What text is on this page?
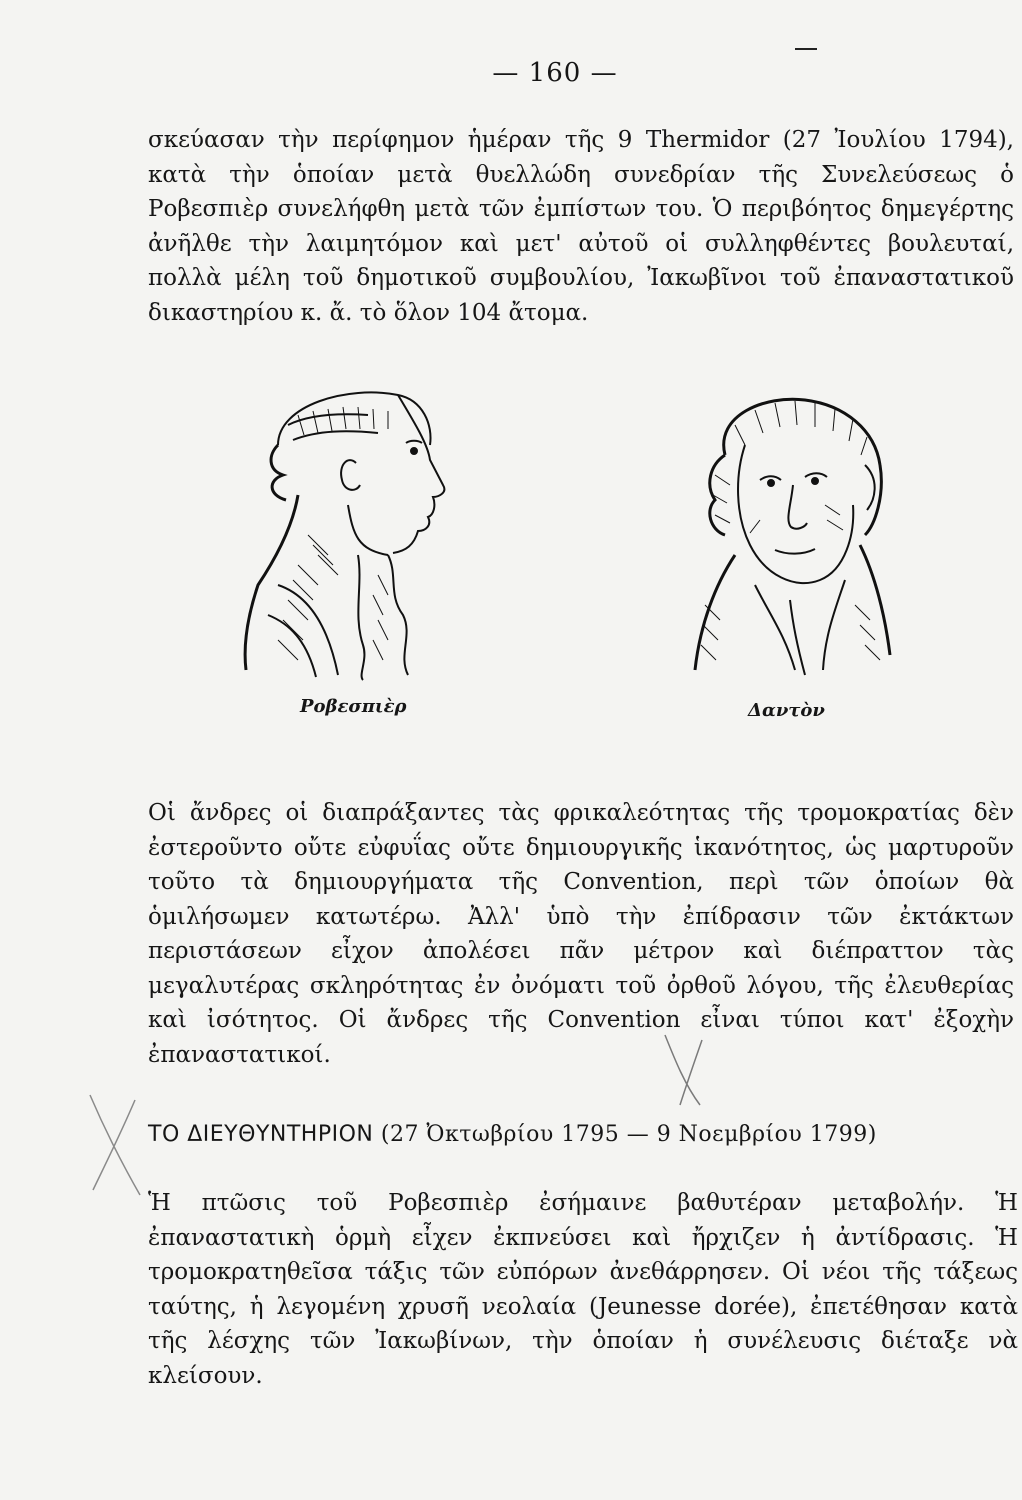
— 160 —
σκεύασαν τὴν περίφημον ἡμέραν τῆς 9 Thermidor (27 Ἰουλίου 1794), κατὰ τὴν ὁποίαν μετὰ θυελλώδη συνεδρίαν τῆς Συνελεύσεως ὁ Ροβεσπιὲρ συνελήφθη μετὰ τῶν ἐμπίστων του. Ὁ περιβόητος δημεγέρτης ἀνῆλθε τὴν λαιμητόμον καὶ μετ' αὐτοῦ οἱ συλληφθέντες βουλευταί, πολλὰ μέλη τοῦ δημοτικοῦ συμβουλίου, Ἰακωβῖνοι τοῦ ἐπαναστατικοῦ δικαστηρίου κ. ἄ. τὸ ὅλον 104 ἄτομα.
Ροβεσπιὲρ	Δαντὸν
Οἱ ἄνδρες οἱ διαπράξαντες τὰς φρικαλεότητας τῆς τρομοκρατίας δὲν ἐστεροῦντο οὔτε εὐφυΐας οὔτε δημιουργικῆς ἱκανότητος, ὡς μαρτυροῦν τοῦτο τὰ δημιουργήματα τῆς Convention, περὶ τῶν ὁποίων θὰ ὁμιλήσωμεν κατωτέρω. Ἀλλ' ὑπὸ τὴν ἐπίδρασιν τῶν ἐκτάκτων περιστάσεων εἶχον ἀπολέσει πᾶν μέτρον καὶ διέπραττον τὰς μεγαλυτέρας σκληρότητας ἐν ὀνόματι τοῦ ὀρθοῦ λόγου, τῆς ἐλευθερίας καὶ ἰσότητος. Οἱ ἄνδρες τῆς Convention εἶναι τύποι κατ' ἐξοχὴν ἐπαναστατικοί.
ΤΟ ΔΙΕΥΘΥΝΤΗΡΙΟΝ (27 Ὀκτωβρίου 1795 — 9 Νοεμβρίου 1799)
Ἡ πτῶσις τοῦ Ροβεσπιὲρ ἐσήμαινε βαθυτέραν μεταβολήν. Ἡ ἐπαναστατικὴ ὁρμὴ εἶχεν ἐκπνεύσει καὶ ἤρχιζεν ἡ ἀντίδρασις. Ἡ τρομοκρατηθεῖσα τάξις τῶν εὐπόρων ἀνεθάρρησεν. Οἱ νέοι τῆς τάξεως ταύτης, ἡ λεγομένη χρυσῆ νεολαία (Jeunesse dorée), ἐπετέθησαν κατὰ τῆς λέσχης τῶν Ἰακωβίνων, τὴν ὁποίαν ἡ συνέλευσις διέταξε νὰ κλείσουν.
